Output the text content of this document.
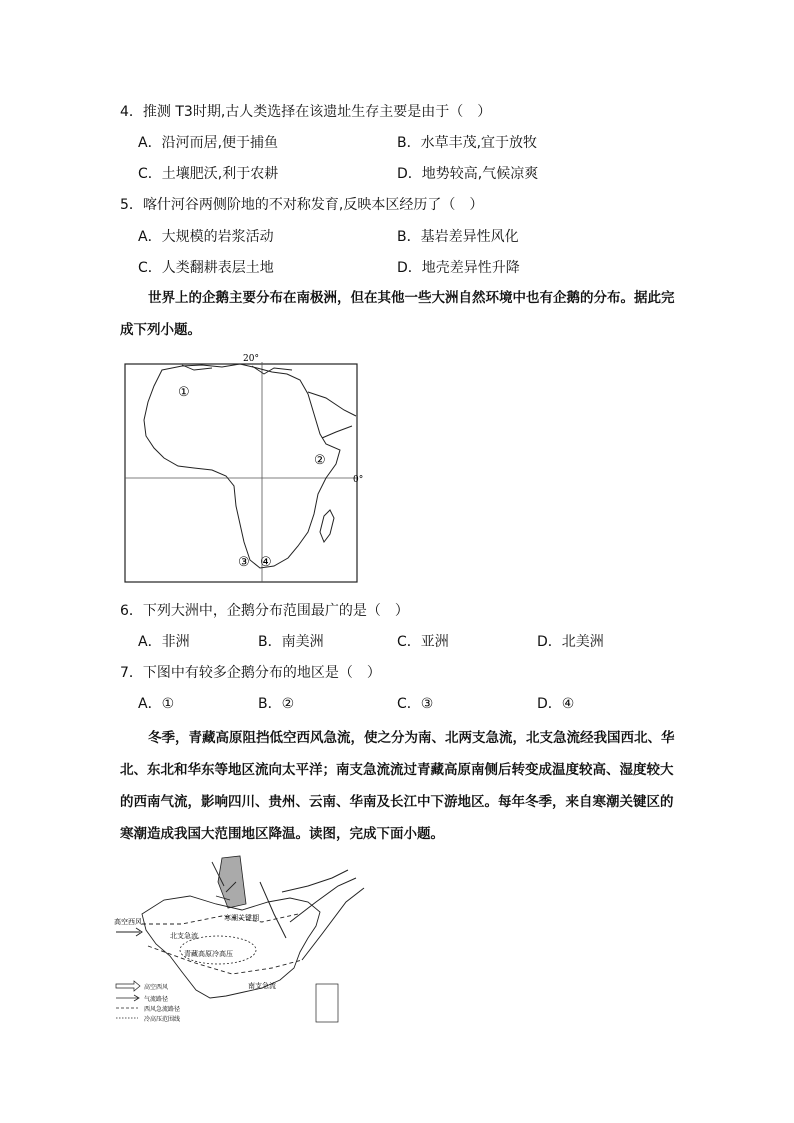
4．推测 T3时期,古人类选择在该遗址生存主要是由于（　）
A．沿河而居,便于捕鱼	B．水草丰茂,宜于放牧
C．土壤肥沃,利于农耕	D．地势较高,气候凉爽
5．喀什河谷两侧阶地的不对称发育,反映本区经历了（　）
A．大规模的岩浆活动	B．基岩差异性风化
C．人类翻耕表层土地	D．地壳差异性升降
世界上的企鹅主要分布在南极洲，但在其他一些大洲自然环境中也有企鹅的分布。据此完成下列小题。
20°
0°
①
②
③ ④
6．下列大洲中，企鹅分布范围最广的是（　）
A．非洲	B．南美洲	C．亚洲	D．北美洲
7．下图中有较多企鹅分布的地区是（　）
A．①	B．②	C．③	D．④
冬季，青藏高原阻挡低空西风急流，使之分为南、北两支急流，北支急流经我国西北、华北、东北和华东等地区流向太平洋；南支急流流过青藏高原南侧后转变成温度较高、湿度较大的西南气流，影响四川、贵州、云南、华南及长江中下游地区。每年冬季，来自寒潮关键区的寒潮造成我国大范围地区降温。读图，完成下面小题。
寒潮关键期
高空西风
北支急流
青藏高原冷高压
南支急流
高空西风
气流路径
西风急流路径
冷高压范围线
